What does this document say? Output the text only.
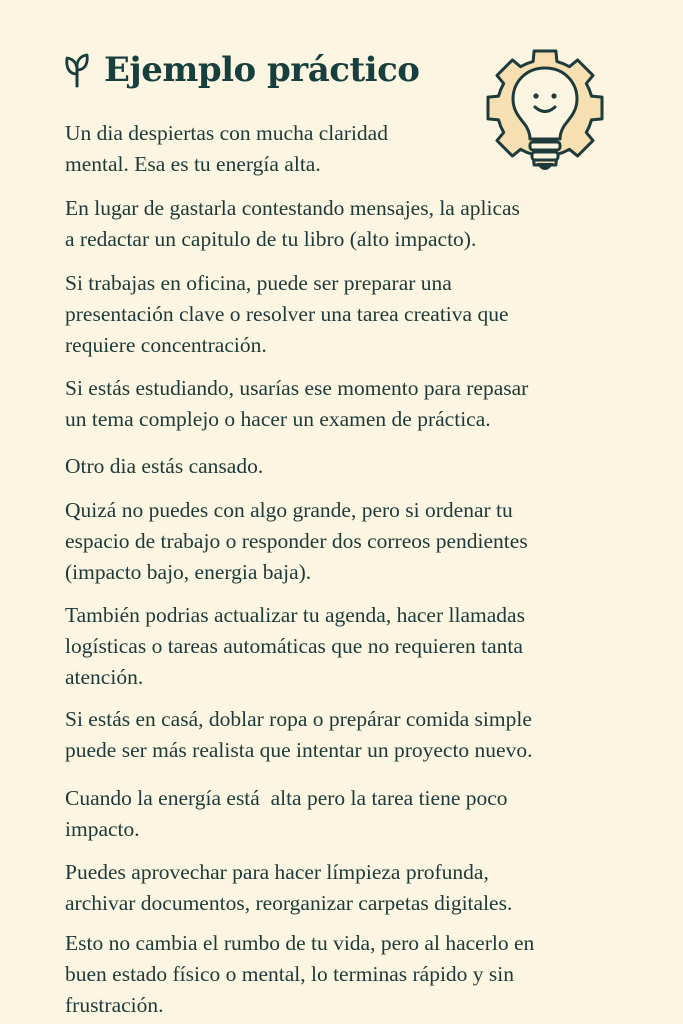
Ejemplo práctico

Un dia despiertas con mucha claridad
mental. Esa es tu energía alta.

En lugar de gastarla contestando mensajes, la aplicas
a redactar un capitulo de tu libro (alto impacto).

Si trabajas en oficina, puede ser preparar una
presentación clave o resolver una tarea creativa que
requiere concentración.

Si estás estudiando, usarías ese momento para repasar
un tema complejo o hacer un examen de práctica.

Otro dia estás cansado.

Quizá no puedes con algo grande, pero si ordenar tu
espacio de trabajo o responder dos correos pendientes
(impacto bajo, energia baja).

También podrias actualizar tu agenda, hacer llamadas
logísticas o tareas automáticas que no requieren tanta
atención.

Si estás en casá, doblar ropa o prepárar comida simple
puede ser más realista que intentar un proyecto nuevo.

Cuando la energía está  alta pero la tarea tiene poco
impacto.

Puedes aprovechar para hacer límpieza profunda,
archivar documentos, reorganizar carpetas digitales.

Esto no cambia el rumbo de tu vida, pero al hacerlo en
buen estado físico o mental, lo terminas rápido y sin
frustración.
